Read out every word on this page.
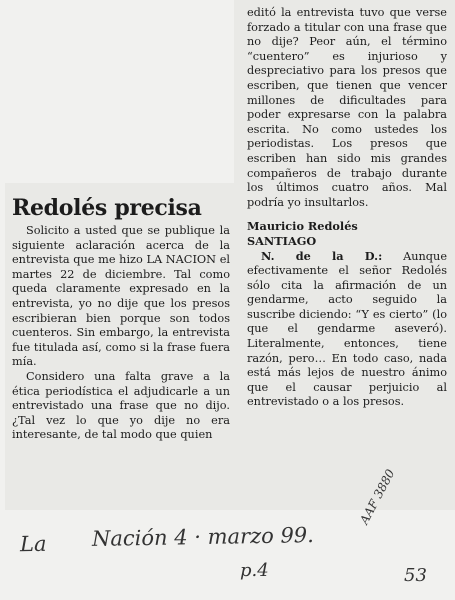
Redolés precisa

Solicito a usted que se publique la siguiente aclaración acerca de la entrevista que me hizo LA NACION el martes 22 de diciembre. Tal como queda claramente expresado en la entrevista, yo no dije que los presos escribieran bien porque son todos cuenteros. Sin embargo, la entrevista fue titulada así, como si la frase fuera mía.

Considero una falta grave a la ética periodística el adjudicarle a un entrevistado una frase que no dijo. ¿Tal vez lo que yo dije no era interesante, de tal modo que quien

editó la entrevista tuvo que verse forzado a titular con una frase que no dije? Peor aún, el término “cuentero” es injurioso y despreciativo para los presos que escriben, que tienen que vencer millones de dificultades para poder expresarse con la palabra escrita. No como ustedes los periodistas. Los presos que escriben han sido mis grandes compañeros de trabajo durante los últimos cuatro años. Mal podría yo insultarlos.

Mauricio Redolés
SANTIAGO

N. de la D.: Aunque efectivamente el señor Redolés sólo cita la afirmación de un gendarme, acto seguido la suscribe diciendo: “Y es cierto” (lo que el gendarme aseveró). Literalmente, entonces, tiene razón, pero… En todo caso, nada está más lejos de nuestro ánimo que el causar perjuicio al entrevistado o a los presos.

La Nación 4 · marzo 99.
p.4
AAF 3880
53
